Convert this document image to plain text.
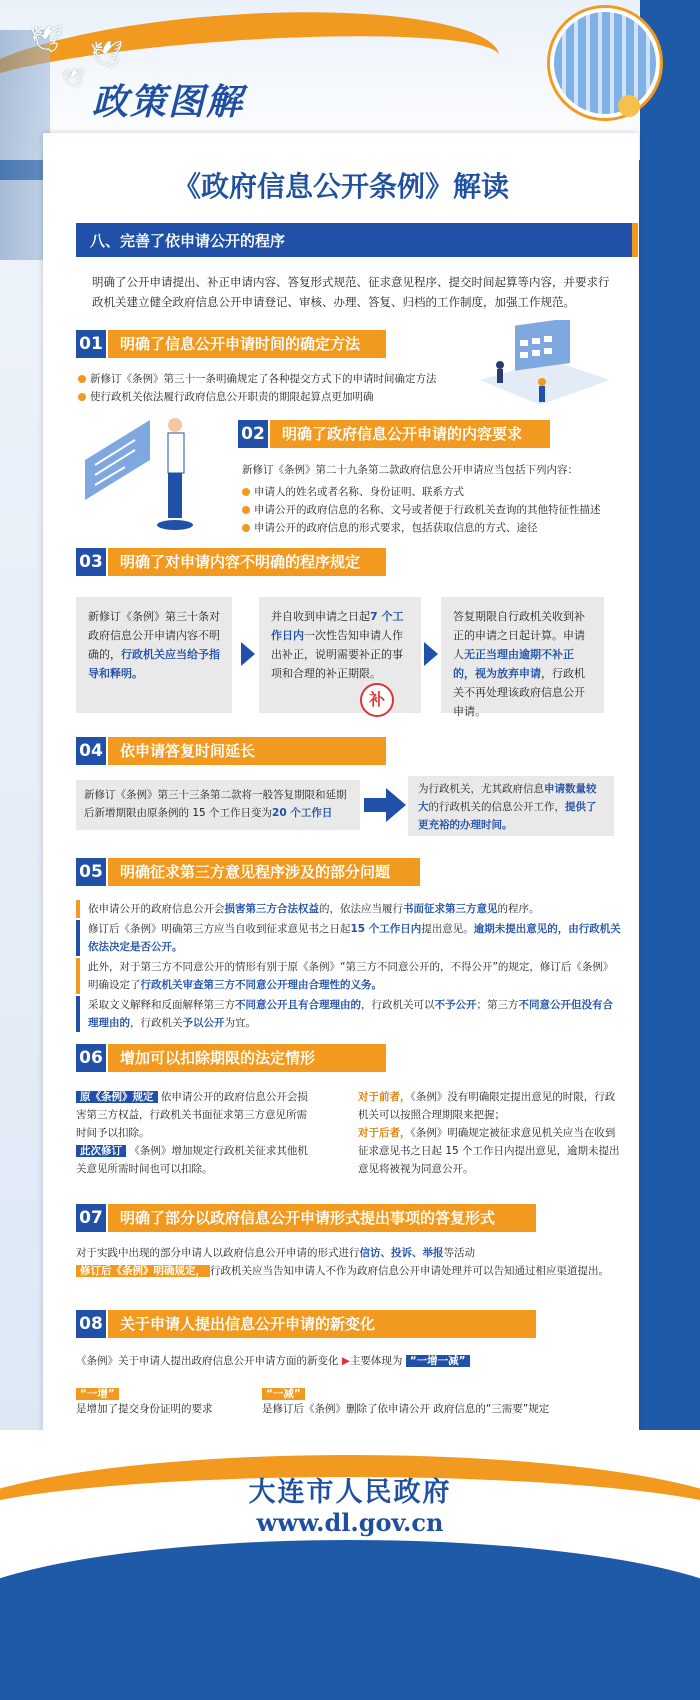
🕊 🕊
🕊
政策图解
《政府信息公开条例》解读
八、完善了依申请公开的程序
明确了公开申请提出、补正申请内容、答复形式规范、征求意见程序、提交时间起算等内容，并要求行政机关建立健全政府信息公开申请登记、审核、办理、答复、归档的工作制度，加强工作规范。
01	明确了信息公开申请时间的确定方法
新修订《条例》第三十一条明确规定了各种提交方式下的申请时间确定方法
使行政机关依法履行政府信息公开职责的期限起算点更加明确
02	明确了政府信息公开申请的内容要求
新修订《条例》第二十九条第二款政府信息公开申请应当包括下列内容：
申请人的姓名或者名称、身份证明、联系方式
申请公开的政府信息的名称、文号或者便于行政机关查询的其他特征性描述
申请公开的政府信息的形式要求，包括获取信息的方式、途径
03	明确了对申请内容不明确的程序规定
新修订《条例》第三十条对政府信息公开申请内容不明确的，行政机关应当给予指导和释明。
并自收到申请之日起7 个工作日内一次性告知申请人作出补正，说明需要补正的事项和合理的补正期限。
补
答复期限自行政机关收到补正的申请之日起计算。申请人无正当理由逾期不补正的，视为放弃申请，行政机关不再处理该政府信息公开申请。
04	依申请答复时间延长
新修订《条例》第三十三条第二款将一般答复期限和延期后新增期限由原条例的 15 个工作日变为20 个工作日
为行政机关，尤其政府信息申请数量较大的行政机关的信息公开工作，提供了更充裕的办理时间。
05	明确征求第三方意见程序涉及的部分问题
依申请公开的政府信息公开会损害第三方合法权益的，依法应当履行书面征求第三方意见的程序。
修订后《条例》明确第三方应当自收到征求意见书之日起15 个工作日内提出意见。逾期未提出意见的，由行政机关依法决定是否公开。
此外，对于第三方不同意公开的情形有别于原《条例》“第三方不同意公开的，不得公开”的规定，修订后《条例》明确设定了行政机关审查第三方不同意公开理由合理性的义务。
采取文义解释和反面解释第三方不同意公开且有合理理由的，行政机关可以不予公开；第三方不同意公开但没有合理理由的，行政机关予以公开为宜。
06	增加可以扣除期限的法定情形
原《条例》规定 依申请公开的政府信息公开会损害第三方权益，行政机关书面征求第三方意见所需时间予以扣除。
此次修订 《条例》增加规定行政机关征求其他机关意见所需时间也可以扣除。
对于前者，《条例》没有明确限定提出意见的时限，行政机关可以按照合理期限来把握；
对于后者，《条例》明确规定被征求意见机关应当在收到征求意见书之日起 15 个工作日内提出意见，逾期未提出意见将被视为同意公开。
07	明确了部分以政府信息公开申请形式提出事项的答复形式
对于实践中出现的部分申请人以政府信息公开申请的形式进行信访、投诉、举报等活动
修订后《条例》明确规定， 行政机关应当告知申请人不作为政府信息公开申请处理并可以告知通过相应渠道提出。
08	关于申请人提出信息公开申请的新变化
《条例》关于申请人提出政府信息公开申请方面的新变化 ▶主要体现为 “一增一减”
“一增”
是增加了提交身份证明的要求
“一减”
是修订后《条例》删除了依申请公开 政府信息的“三需要”规定
大连市人民政府
www.dl.gov.cn
